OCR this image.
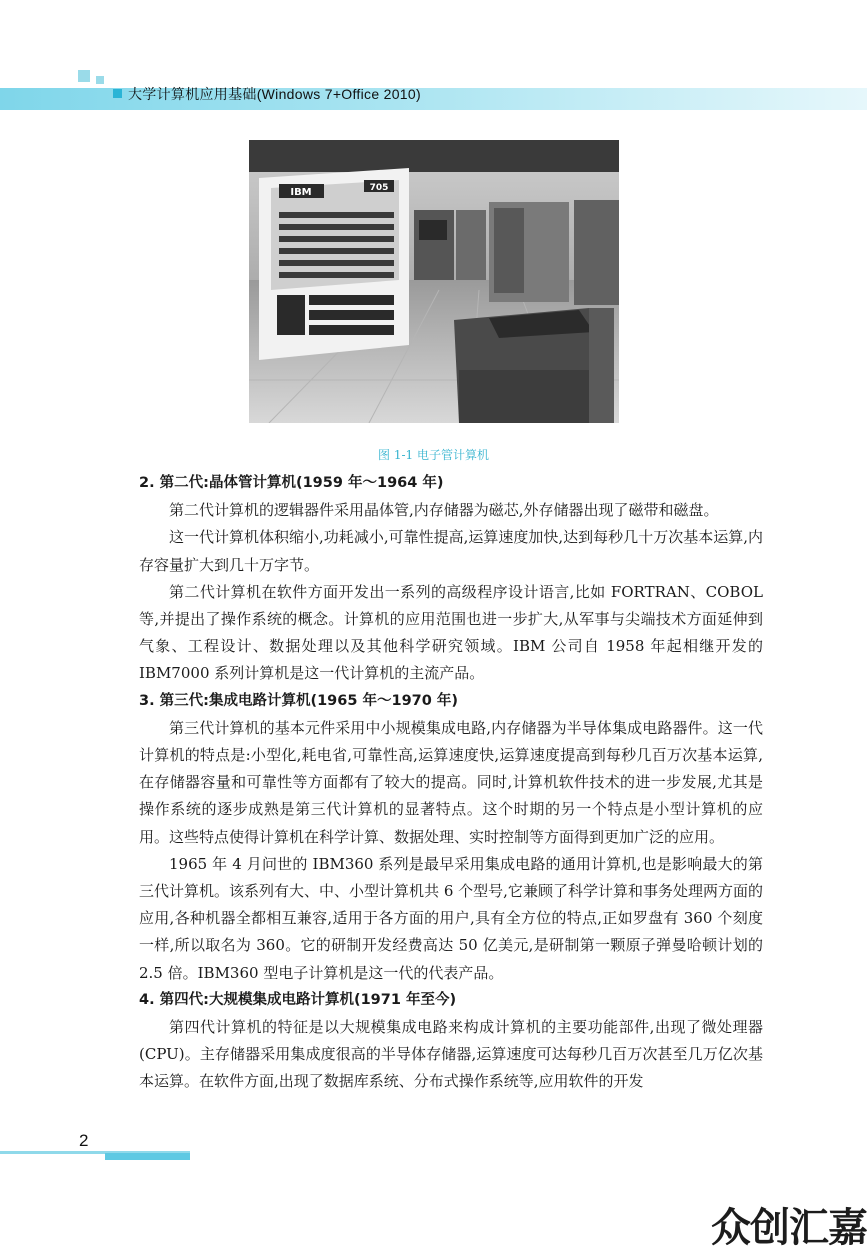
大学计算机应用基础(Windows 7+Office 2010)
IBM	705
图 1-1 电子管计算机
2. 第二代:晶体管计算机(1959 年～1964 年)

第二代计算机的逻辑器件采用晶体管,内存储器为磁芯,外存储器出现了磁带和磁盘。

这一代计算机体积缩小,功耗减小,可靠性提高,运算速度加快,达到每秒几十万次基本运算,内存容量扩大到几十万字节。

第二代计算机在软件方面开发出一系列的高级程序设计语言,比如 FORTRAN、COBOL 等,并提出了操作系统的概念。计算机的应用范围也进一步扩大,从军事与尖端技术方面延伸到气象、工程设计、数据处理以及其他科学研究领域。IBM 公司自 1958 年起相继开发的 IBM7000 系列计算机是这一代计算机的主流产品。

3. 第三代:集成电路计算机(1965 年～1970 年)

第三代计算机的基本元件采用中小规模集成电路,内存储器为半导体集成电路器件。这一代计算机的特点是:小型化,耗电省,可靠性高,运算速度快,运算速度提高到每秒几百万次基本运算,在存储器容量和可靠性等方面都有了较大的提高。同时,计算机软件技术的进一步发展,尤其是操作系统的逐步成熟是第三代计算机的显著特点。这个时期的另一个特点是小型计算机的应用。这些特点使得计算机在科学计算、数据处理、实时控制等方面得到更加广泛的应用。

1965 年 4 月问世的 IBM360 系列是最早采用集成电路的通用计算机,也是影响最大的第三代计算机。该系列有大、中、小型计算机共 6 个型号,它兼顾了科学计算和事务处理两方面的应用,各种机器全都相互兼容,适用于各方面的用户,具有全方位的特点,正如罗盘有 360 个刻度一样,所以取名为 360。它的研制开发经费高达 50 亿美元,是研制第一颗原子弹曼哈顿计划的 2.5 倍。IBM360 型电子计算机是这一代的代表产品。

4. 第四代:大规模集成电路计算机(1971 年至今)

第四代计算机的特征是以大规模集成电路来构成计算机的主要功能部件,出现了微处理器(CPU)。主存储器采用集成度很高的半导体存储器,运算速度可达每秒几百万次甚至几万亿次基本运算。在软件方面,出现了数据库系统、分布式操作系统等,应用软件的开发

2
众创汇嘉
